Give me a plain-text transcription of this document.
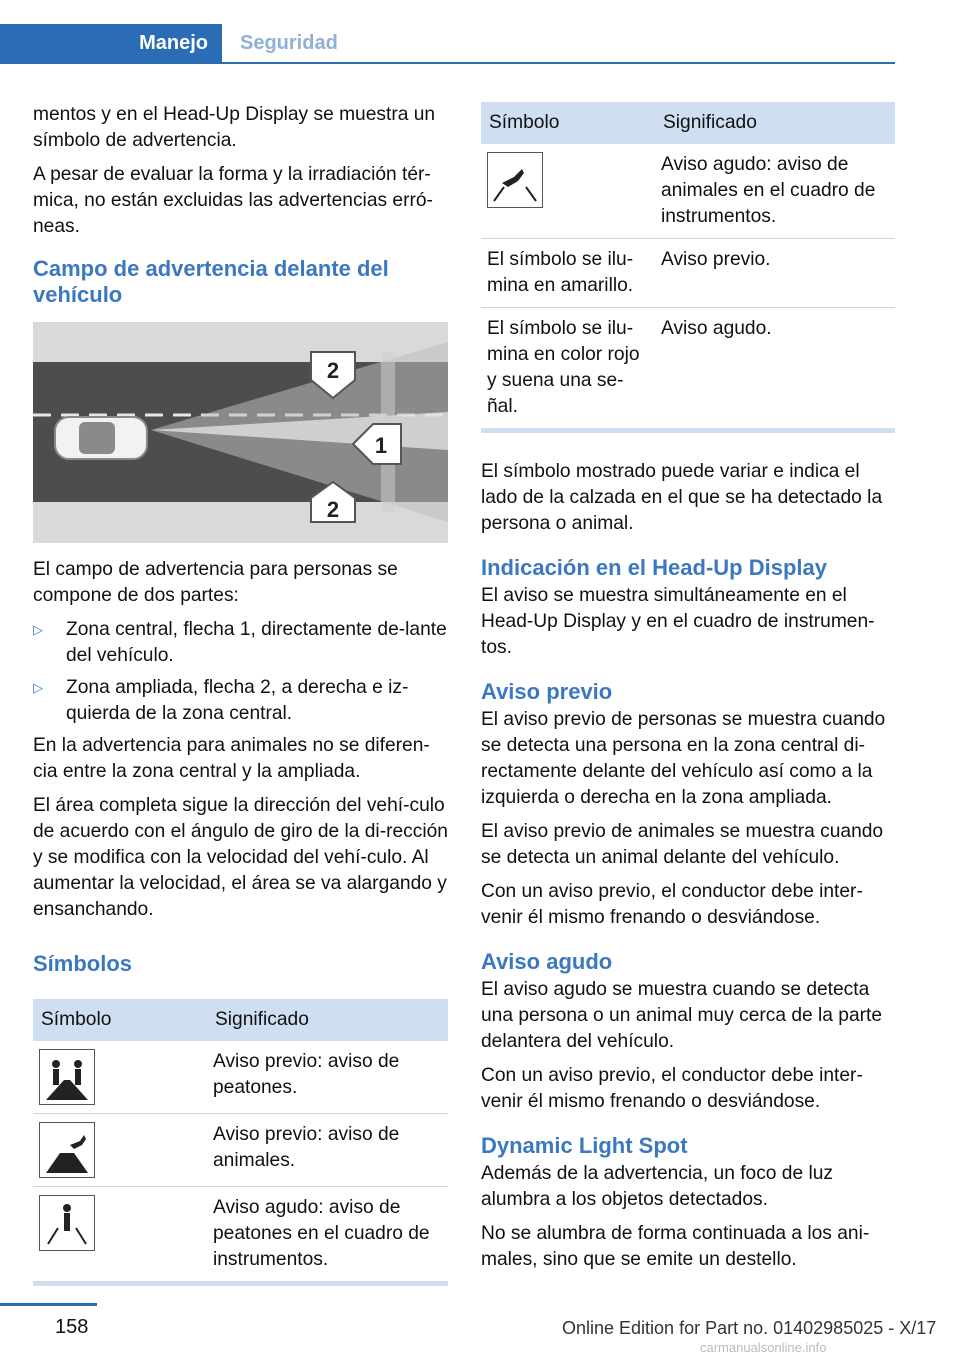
Manejo	Seguridad

mentos y en el Head-Up Display se muestra un símbolo de advertencia.

A pesar de evaluar la forma y la irradiación tér-mica, no están excluidas las advertencias erró-neas.

Campo de advertencia delante del vehículo
2
1
2

El campo de advertencia para personas se compone de dos partes:

▷	Zona central, flecha 1, directamente de-lante del vehículo.
▷	Zona ampliada, flecha 2, a derecha e iz-quierda de la zona central.

En la advertencia para animales no se diferen-cia entre la zona central y la ampliada.

El área completa sigue la dirección del vehí-culo de acuerdo con el ángulo de giro de la di-rección y se modifica con la velocidad del vehí-culo. Al aumentar la velocidad, el área se va alargando y ensanchando.

Símbolos
Símbolo	Significado

	Aviso previo: aviso de peatones.

	Aviso previo: aviso de animales.

	Aviso agudo: aviso de peatones en el cuadro de instrumentos.
Símbolo	Significado

	Aviso agudo: aviso de animales en el cuadro de instrumentos.
El símbolo se ilu-mina en amarillo.	Aviso previo.
El símbolo se ilu-mina en color rojo y suena una se-ñal.	Aviso agudo.

El símbolo mostrado puede variar e indica el lado de la calzada en el que se ha detectado la persona o animal.

Indicación en el Head-Up Display

El aviso se muestra simultáneamente en el Head-Up Display y en el cuadro de instrumen-tos.

Aviso previo

El aviso previo de personas se muestra cuando se detecta una persona en la zona central di-rectamente delante del vehículo así como a la izquierda o derecha en la zona ampliada.

El aviso previo de animales se muestra cuando se detecta un animal delante del vehículo.

Con un aviso previo, el conductor debe inter-venir él mismo frenando o desviándose.

Aviso agudo

El aviso agudo se muestra cuando se detecta una persona o un animal muy cerca de la parte delantera del vehículo.

Con un aviso previo, el conductor debe inter-venir él mismo frenando o desviándose.

Dynamic Light Spot

Además de la advertencia, un foco de luz alumbra a los objetos detectados.

No se alumbra de forma continuada a los ani-males, sino que se emite un destello.

158	Online Edition for Part no. 01402985025 - X/17
carmanualsonline.info
